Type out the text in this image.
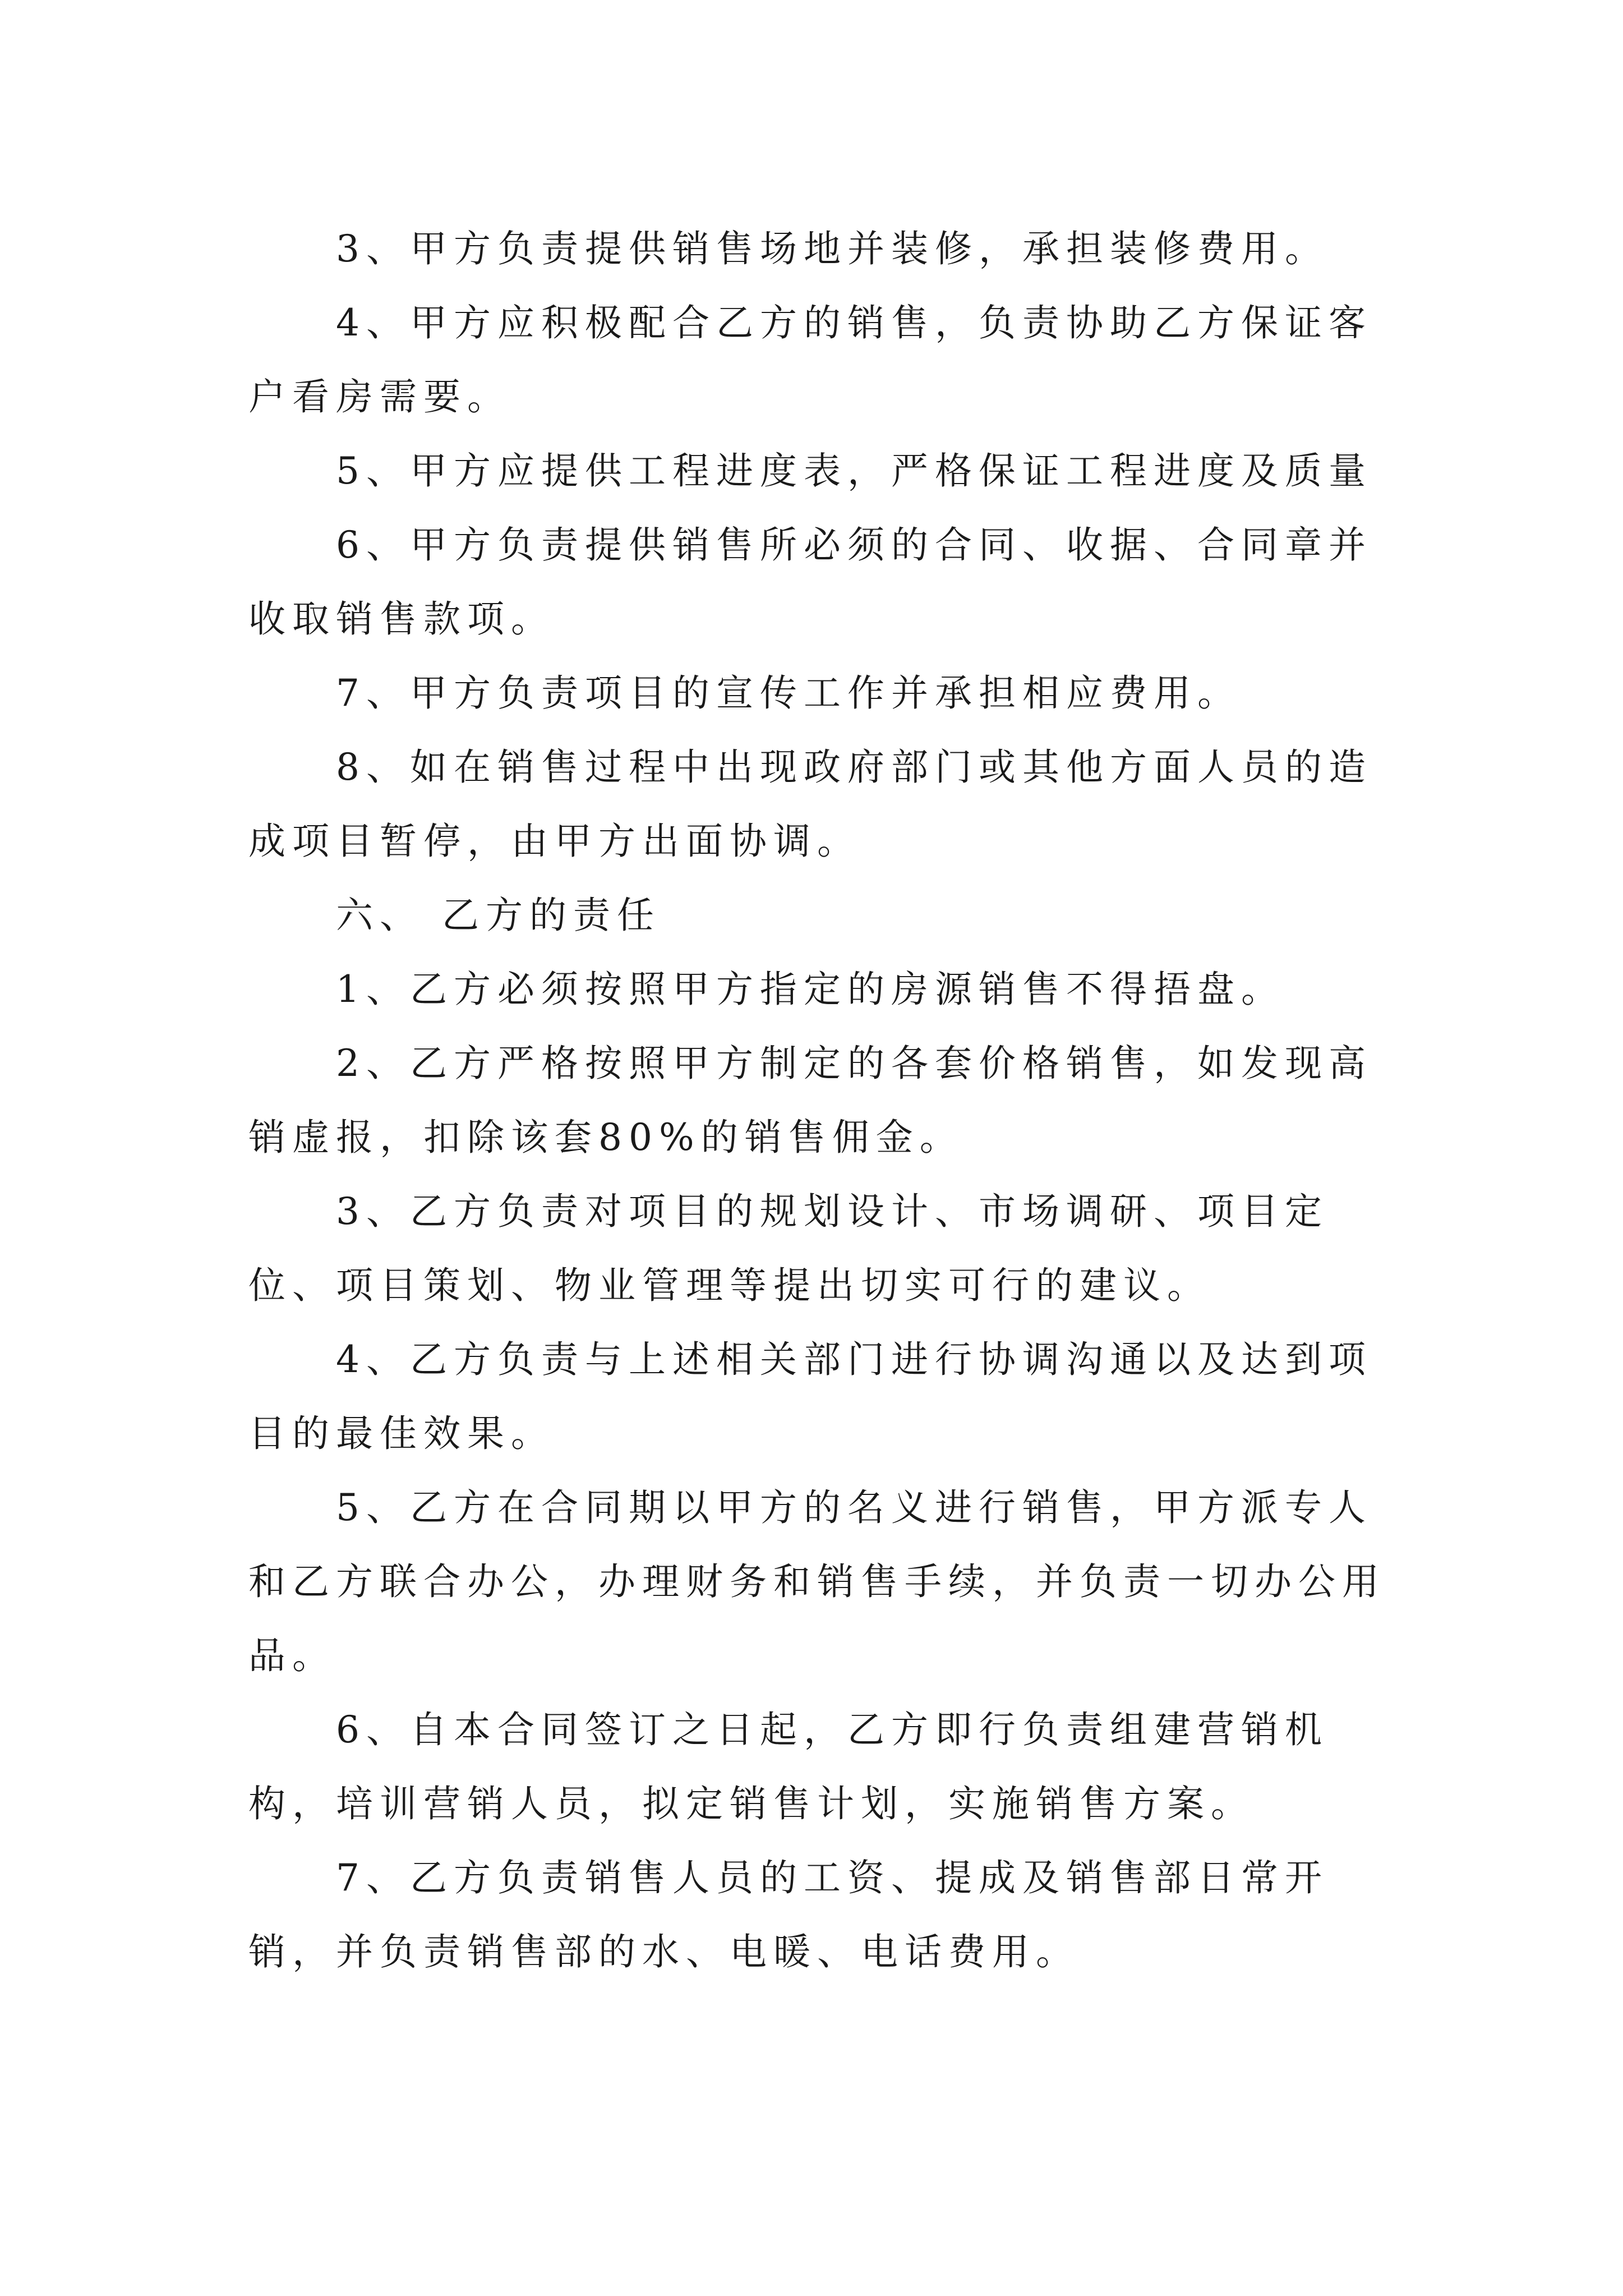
3、甲方负责提供销售场地并装修，承担装修费用。

4、甲方应积极配合乙方的销售，负责协助乙方保证客户看房需要。

5、甲方应提供工程进度表，严格保证工程进度及质量

6、甲方负责提供销售所必须的合同、收据、合同章并收取销售款项。

7、甲方负责项目的宣传工作并承担相应费用。

8、如在销售过程中出现政府部门或其他方面人员的造成项目暂停，由甲方出面协调。

六、 乙方的责任

1、乙方必须按照甲方指定的房源销售不得捂盘。

2、乙方严格按照甲方制定的各套价格销售，如发现高销虚报，扣除该套80%的销售佣金。

3、乙方负责对项目的规划设计、市场调研、项目定位、项目策划、物业管理等提出切实可行的建议。

4、乙方负责与上述相关部门进行协调沟通以及达到项目的最佳效果。

5、乙方在合同期以甲方的名义进行销售，甲方派专人和乙方联合办公，办理财务和销售手续，并负责一切办公用品。

6、自本合同签订之日起，乙方即行负责组建营销机构，培训营销人员，拟定销售计划，实施销售方案。

7、乙方负责销售人员的工资、提成及销售部日常开销，并负责销售部的水、电暖、电话费用。
